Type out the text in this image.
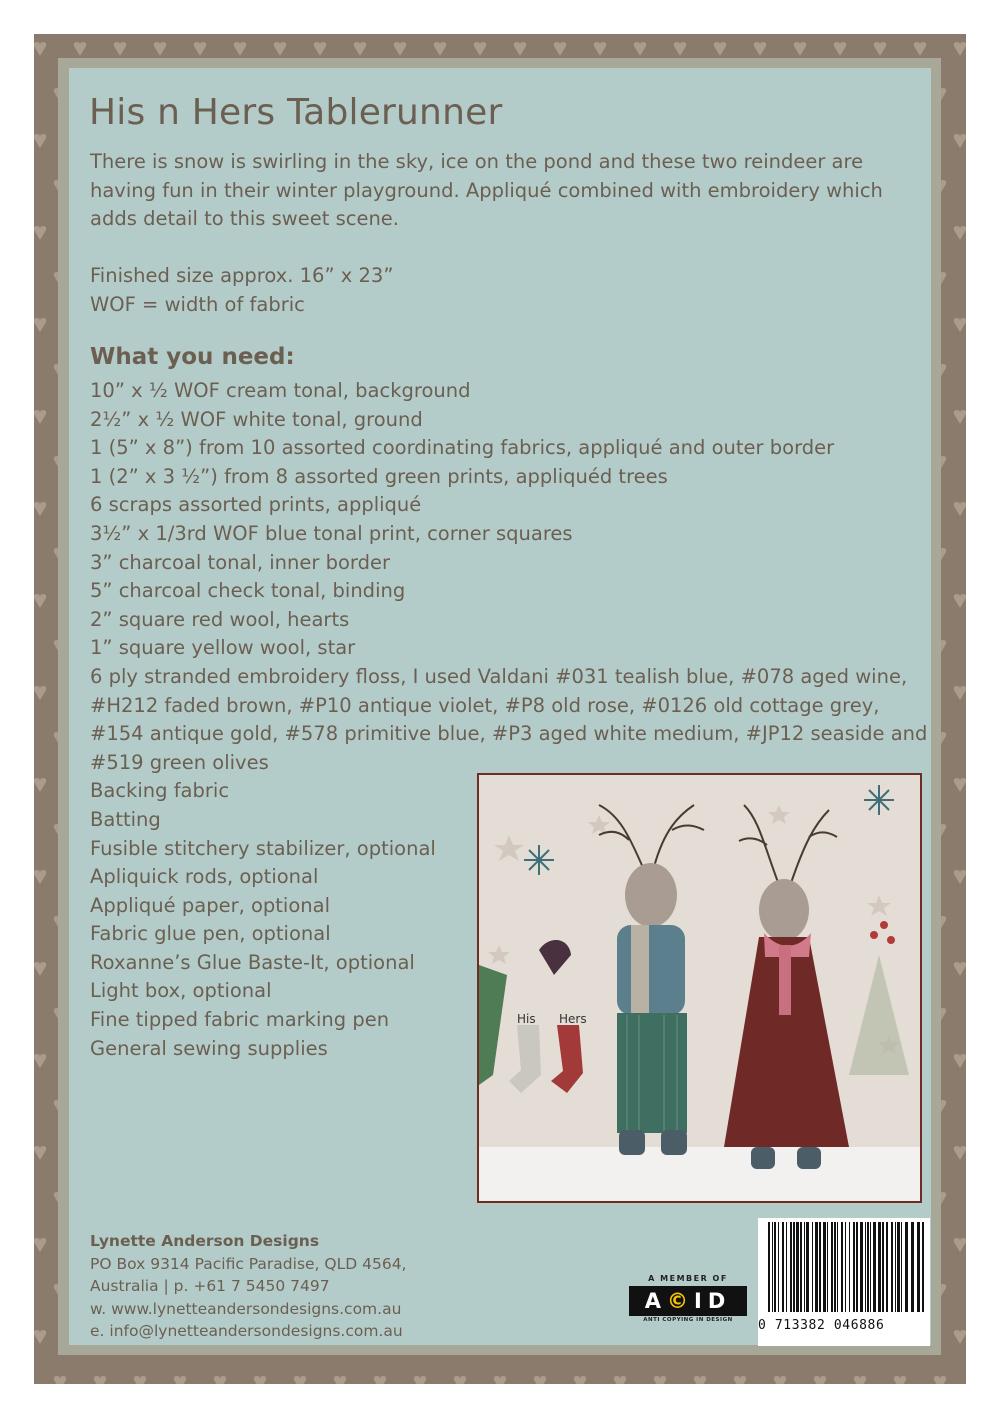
His n Hers Tablerunner
There is snow is swirling in the sky, ice on the pond and these two reindeer are having fun in their winter playground. Appliqué combined with embroidery which adds detail to this sweet scene.
Finished size approx. 16” x 23”
WOF = width of fabric
What you need:
10” x ½ WOF cream tonal, background
2½” x ½ WOF white tonal, ground
1 (5” x 8”) from 10 assorted coordinating fabrics, appliqué and outer border
1 (2” x 3 ½”) from 8 assorted green prints, appliquéd trees
6 scraps assorted prints, appliqué
3½” x 1/3rd WOF blue tonal print, corner squares
3” charcoal tonal, inner border
5” charcoal check tonal, binding
2” square red wool, hearts
1” square yellow wool, star
6 ply stranded embroidery floss, I used Valdani #031 tealish blue, #078 aged wine, #H212 faded brown, #P10 antique violet, #P8 old rose, #0126 old cottage grey, #154 antique gold, #578 primitive blue, #P3 aged white medium, #JP12 seaside and #519 green olives
Backing fabric
Batting
Fusible stitchery stabilizer, optional
Apliquick rods, optional
Appliqué paper, optional
Fabric glue pen, optional
Roxanne’s Glue Baste-It, optional
Light box, optional
Fine tipped fabric marking pen
General sewing supplies
His Hers
Lynette Anderson Designs
PO Box 9314 Pacific Paradise, QLD 4564,
Australia | p. +61 7 5450 7497
w. www.lynetteandersondesigns.com.au
e. info@lynetteandersondesigns.com.au
A MEMBER OF
A©ID
ANTI COPYING IN DESIGN	0 713382 046886
